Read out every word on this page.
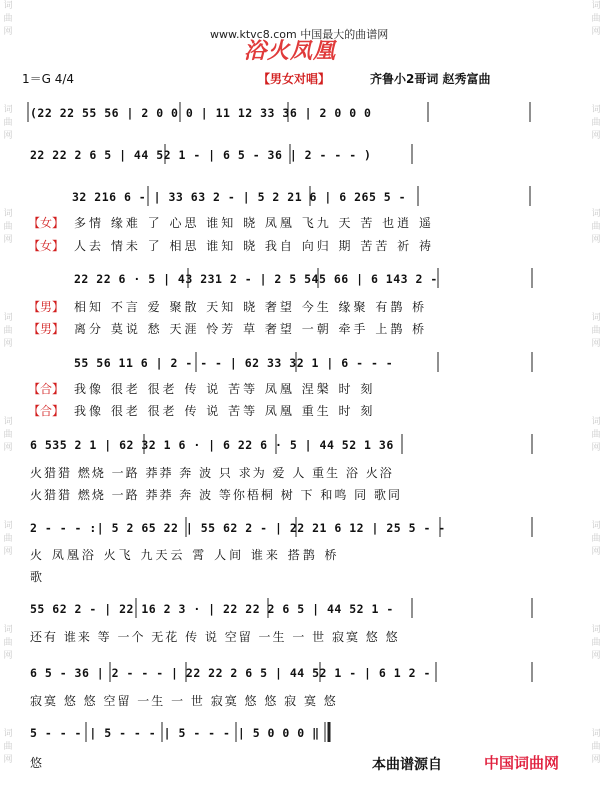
词
曲
网

词
曲
网

词
曲
网

词
曲
网

词
曲
网

词
曲
网

词
曲
网

词
曲
网
词
曲
网

词
曲
网

词
曲
网

词
曲
网

词
曲
网

词
曲
网

词
曲
网

词
曲
网
www.ktvc8.com 中国最大的曲谱网
浴火凤凰
1＝G 4/4	【男女对唱】	齐鲁小2哥词 赵秀富曲
(22 22 55 56 | 2 0 0 0 | 11 12 33 36 | 2 0 0 0
22 22 2 6 5 | 44 52 1 - | 6 5 - 36 | 2 - - - )
32 216 6 - | 33 63 2 - | 5 2 21 6 | 6 265 5 -
【女】 多情 缘难 了 心思 谁知 晓 凤凰 飞九 天 苦 也逍 遥
【女】 人去 情未 了 相思 谁知 晓 我自 向归 期 苦苦 祈 祷
22 22 6 · 5 | 43 231 2 - | 2 5 545 66 | 6 143 2 -
【男】 相知 不言 爱 聚散 天知 晓 奢望 今生 缘聚 有鹊 桥
【男】 离分 莫说 愁 天涯 怜芳 草 奢望 一朝 牵手 上鹊 桥
55 56 11 6 | 2 - - - | 62 33 32 1 | 6 - - -
【合】 我像 很老 很老 传 说 苦等 凤凰 涅槃 时 刻
【合】 我像 很老 很老 传 说 苦等 凤凰 重生 时 刻
6 535 2 1 | 62 32 1 6 · | 6 22 6 · 5 | 44 52 1 36
火猎猎 燃烧 一路 莽莽 奔 波 只 求为 爱 人 重生 浴 火浴
火猎猎 燃烧 一路 莽莽 奔 波 等你梧桐 树 下 和鸣 同 歌同
2 - - - :| 5 2 65 22 | 55 62 2 - | 22 21 6 12 | 25 5 - -
火 凤凰浴 火飞 九天云 霄 人间 谁来 搭鹊 桥
歌
55 62 2 - | 22 16 2 3 · | 22 22 2 6 5 | 44 52 1 -
还有 谁来 等 一个 无花 传 说 空留 一生 一 世 寂寞 悠 悠
6 5 - 36 | 2 - - - | 22 22 2 6 5 | 44 52 1 - | 6 1 2 -
寂寞 悠 悠 空留 一生 一 世 寂寞 悠 悠 寂 寞 悠
5 - - - | 5 - - - | 5 - - - | 5 0 0 0 ‖
悠	本曲谱源自	中国词曲网
